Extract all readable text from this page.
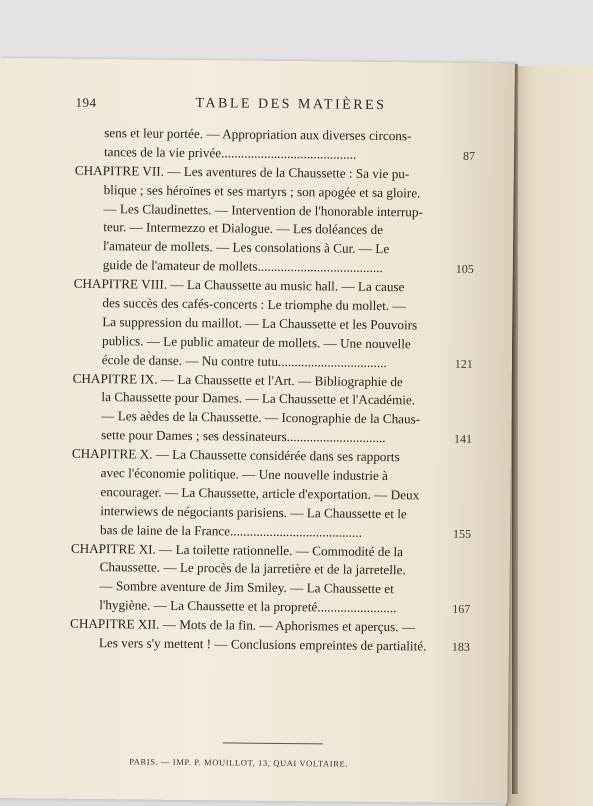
194	TABLE DES MATIÈRES
sens et leur portée. — Appropriation aux diverses circons-
tances de la vie privée.........................................	87
CHAPITRE VII. — Les aventures de la Chaussette : Sa vie pu-
blique ; ses héroïnes et ses martyrs ; son apogée et sa gloire.
— Les Claudinettes. — Intervention de l'honorable interrup-
teur. — Intermezzo et Dialogue. — Les doléances de
l'amateur de mollets. — Les consolations à Cur. — Le
guide de l'amateur de mollets......................................	105
CHAPITRE VIII. — La Chaussette au music hall. — La cause
des succès des cafés-concerts : Le triomphe du mollet. —
La suppression du maillot. — La Chaussette et les Pouvoirs
publics. — Le public amateur de mollets. — Une nouvelle
école de danse. — Nu contre tutu.................................	121
CHAPITRE IX. — La Chaussette et l'Art. — Bibliographie de
la Chaussette pour Dames. — La Chaussette et l'Académie.
— Les aèdes de la Chaussette. — Iconographie de la Chaus-
sette pour Dames ; ses dessinateurs..............................	141
CHAPITRE X. — La Chaussette considérée dans ses rapports
avec l'économie politique. — Une nouvelle industrie à
encourager. — La Chaussette, article d'exportation. — Deux
interwiews de négociants parisiens. — La Chaussette et le
bas de laine de la France........................................	155
CHAPITRE XI. — La toilette rationnelle. — Commodité de la
Chaussette. — Le procès de la jarretière et de la jarretelle.
— Sombre aventure de Jim Smiley. — La Chaussette et
l'hygiène. — La Chaussette et la propreté........................	167
CHAPITRE XII. — Mots de la fin. — Aphorismes et aperçus. —
Les vers s'y mettent ! — Conclusions empreintes de partialité. 183
PARIS. — IMP. P. MOUILLOT, 13, QUAI VOLTAIRE.
